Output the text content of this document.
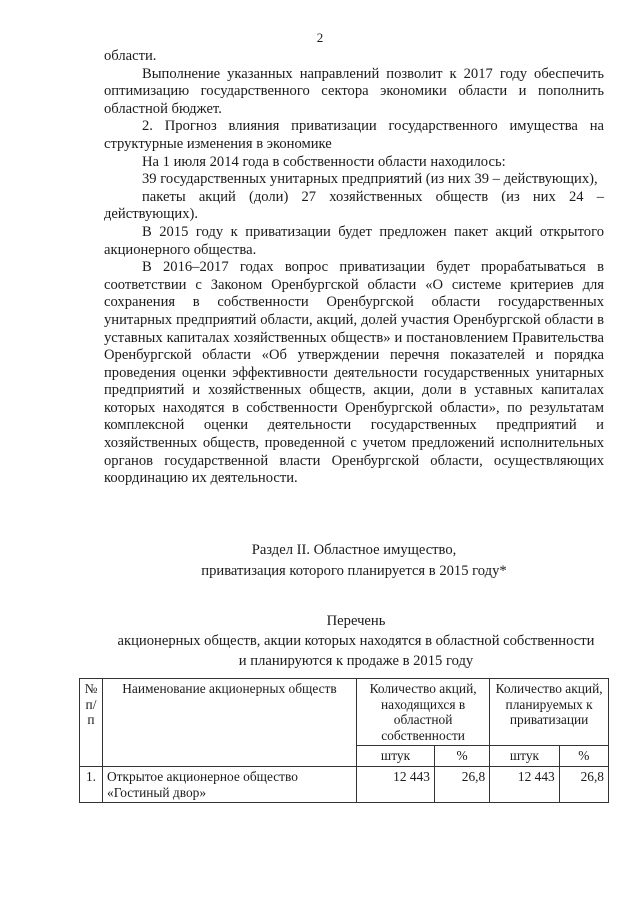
2

области.

Выполнение указанных направлений позволит к 2017 году обеспечить оптимизацию государственного сектора экономики области и пополнить областной бюджет.

2. Прогноз влияния приватизации государственного имущества на структурные изменения в экономике

На 1 июля 2014 года в собственности области находилось:

39 государственных унитарных предприятий (из них 39 – действующих),

пакеты акций (доли) 27 хозяйственных обществ (из них 24 – действующих).

В 2015 году к приватизации будет предложен пакет акций открытого акционерного общества.

В 2016–2017 годах вопрос приватизации будет прорабатываться в соответствии с Законом Оренбургской области «О системе критериев для сохранения в собственности Оренбургской области государственных унитарных предприятий области, акций, долей участия Оренбургской области в уставных капиталах хозяйственных обществ» и постановлением Правительства Оренбургской области «Об утверждении перечня показателей и порядка проведения оценки эффективности деятельности государственных унитарных предприятий и хозяйственных обществ, акции, доли в уставных капиталах которых находятся в собственности Оренбургской области», по результатам комплексной оценки деятельности государственных предприятий и хозяйственных обществ, проведенной с учетом предложений исполнительных органов государственной власти Оренбургской области, осуществляющих координацию их деятельности.

Раздел II. Областное имущество,
приватизация которого планируется в 2015 году*
Перечень
акционерных обществ, акции которых находятся в областной собственности
и планируются к продаже в 2015 году
№ п/п	Наименование акционерных обществ	Количество акций, находящихся в областной собственности		Количество акций, планируемых к приватизации	
		штук	%	штук	%
1.	Открытое акционерное общество «Гостиный двор»	12 443	26,8	12 443	26,8
